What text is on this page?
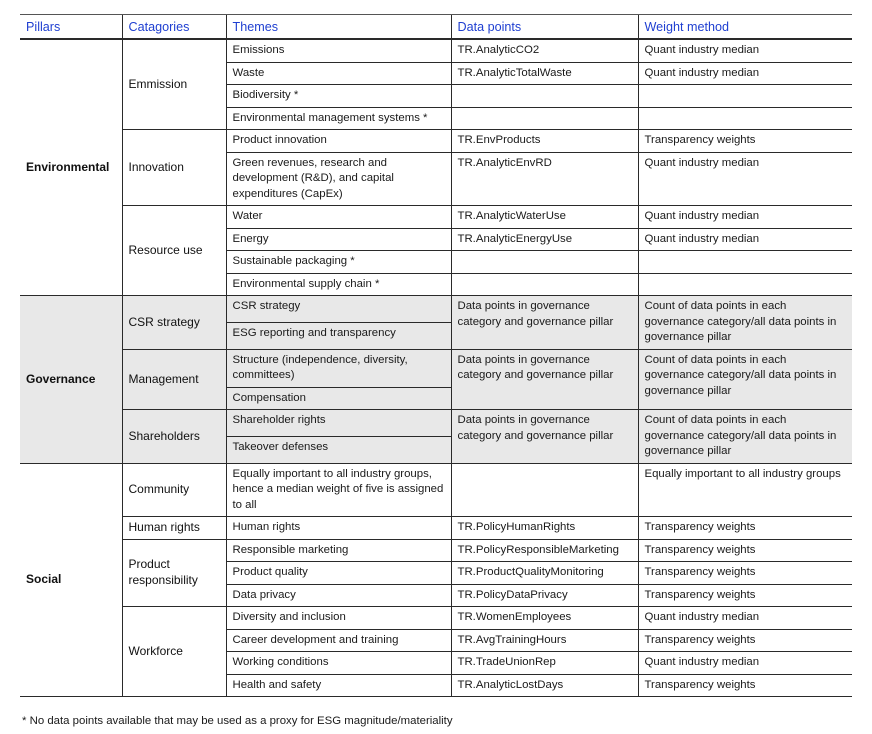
Pillars	Catagories	Themes	Data points	Weight method
Environmental	Emmission	Emissions	TR.AnalyticCO2	Quant industry median
		Waste	TR.AnalyticTotalWaste	Quant industry median
		Biodiversity *		
		Environmental management systems *		
	Innovation	Product innovation	TR.EnvProducts	Transparency weights
		Green revenues, research and development (R&D), and capital expenditures (CapEx)	TR.AnalyticEnvRD	Quant industry median
	Resource use	Water	TR.AnalyticWaterUse	Quant industry median
		Energy	TR.AnalyticEnergyUse	Quant industry median
		Sustainable packaging *		
		Environmental supply chain *		
Governance	CSR strategy	CSR strategy	Data points in governance category and governance pillar	Count of data points in each governance category/all data points in governance pillar
		ESG reporting and transparency		
	Management	Structure (independence, diversity, committees)	Data points in governance category and governance pillar	Count of data points in each governance category/all data points in governance pillar
		Compensation		
	Shareholders	Shareholder rights	Data points in governance category and governance pillar	Count of data points in each governance category/all data points in governance pillar
		Takeover defenses		
Social	Community	Equally important to all industry groups, hence a median weight of five is assigned to all		Equally important to all industry groups
	Human rights	Human rights	TR.PolicyHumanRights	Transparency weights
	Product responsibility	Responsible marketing	TR.PolicyResponsibleMarketing	Transparency weights
		Product quality	TR.ProductQualityMonitoring	Transparency weights
		Data privacy	TR.PolicyDataPrivacy	Transparency weights
	Workforce	Diversity and inclusion	TR.WomenEmployees	Quant industry median
		Career development and training	TR.AvgTrainingHours	Transparency weights
		Working conditions	TR.TradeUnionRep	Quant industry median
		Health and safety	TR.AnalyticLostDays	Transparency weights
* No data points available that may be used as a proxy for ESG magnitude/materiality
